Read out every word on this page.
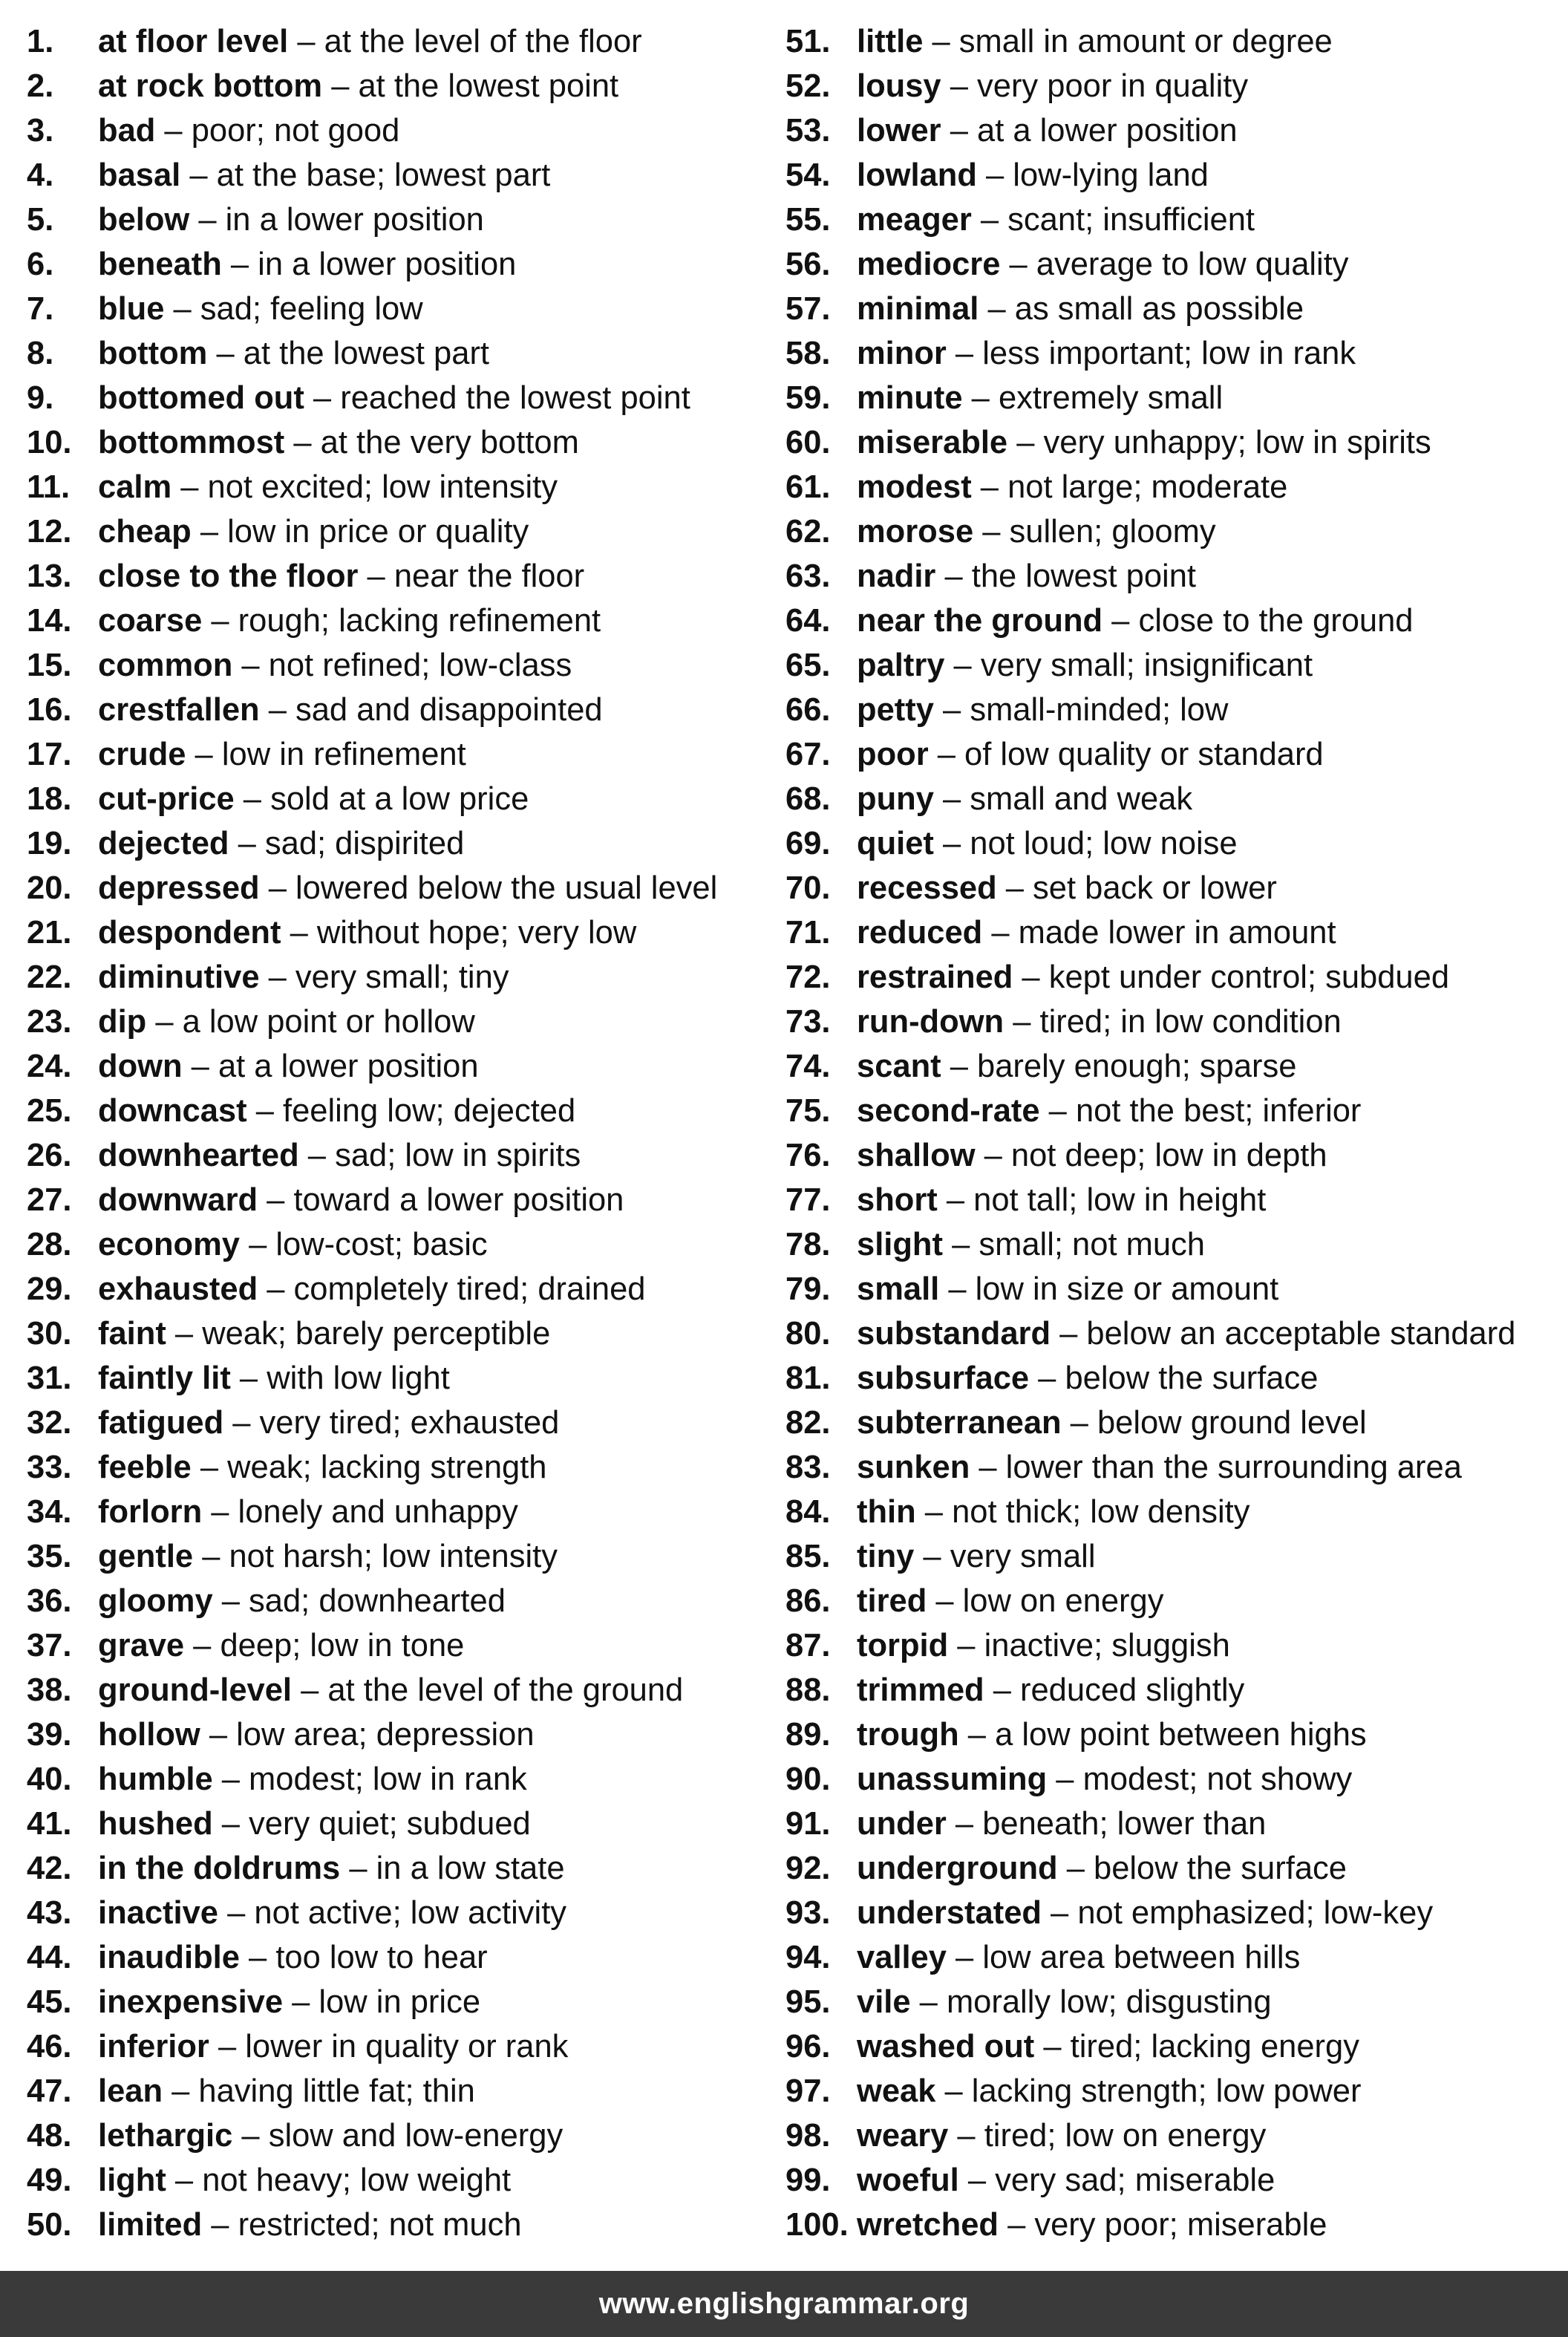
1. at floor level – at the level of the floor
2. at rock bottom – at the lowest point
3. bad – poor; not good
4. basal – at the base; lowest part
5. below – in a lower position
6. beneath – in a lower position
7. blue – sad; feeling low
8. bottom – at the lowest part
9. bottomed out – reached the lowest point
10. bottommost – at the very bottom
11. calm – not excited; low intensity
12. cheap – low in price or quality
13. close to the floor – near the floor
14. coarse – rough; lacking refinement
15. common – not refined; low-class
16. crestfallen – sad and disappointed
17. crude – low in refinement
18. cut-price – sold at a low price
19. dejected – sad; dispirited
20. depressed – lowered below the usual level
21. despondent – without hope; very low
22. diminutive – very small; tiny
23. dip – a low point or hollow
24. down – at a lower position
25. downcast – feeling low; dejected
26. downhearted – sad; low in spirits
27. downward – toward a lower position
28. economy – low-cost; basic
29. exhausted – completely tired; drained
30. faint – weak; barely perceptible
31. faintly lit – with low light
32. fatigued – very tired; exhausted
33. feeble – weak; lacking strength
34. forlorn – lonely and unhappy
35. gentle – not harsh; low intensity
36. gloomy – sad; downhearted
37. grave – deep; low in tone
38. ground-level – at the level of the ground
39. hollow – low area; depression
40. humble – modest; low in rank
41. hushed – very quiet; subdued
42. in the doldrums – in a low state
43. inactive – not active; low activity
44. inaudible – too low to hear
45. inexpensive – low in price
46. inferior – lower in quality or rank
47. lean – having little fat; thin
48. lethargic – slow and low-energy
49. light – not heavy; low weight
50. limited – restricted; not much
51. little – small in amount or degree
52. lousy – very poor in quality
53. lower – at a lower position
54. lowland – low-lying land
55. meager – scant; insufficient
56. mediocre – average to low quality
57. minimal – as small as possible
58. minor – less important; low in rank
59. minute – extremely small
60. miserable – very unhappy; low in spirits
61. modest – not large; moderate
62. morose – sullen; gloomy
63. nadir – the lowest point
64. near the ground – close to the ground
65. paltry – very small; insignificant
66. petty – small-minded; low
67. poor – of low quality or standard
68. puny – small and weak
69. quiet – not loud; low noise
70. recessed – set back or lower
71. reduced – made lower in amount
72. restrained – kept under control; subdued
73. run-down – tired; in low condition
74. scant – barely enough; sparse
75. second-rate – not the best; inferior
76. shallow – not deep; low in depth
77. short – not tall; low in height
78. slight – small; not much
79. small – low in size or amount
80. substandard – below an acceptable standard
81. subsurface – below the surface
82. subterranean – below ground level
83. sunken – lower than the surrounding area
84. thin – not thick; low density
85. tiny – very small
86. tired – low on energy
87. torpid – inactive; sluggish
88. trimmed – reduced slightly
89. trough – a low point between highs
90. unassuming – modest; not showy
91. under – beneath; lower than
92. underground – below the surface
93. understated – not emphasized; low-key
94. valley – low area between hills
95. vile – morally low; disgusting
96. washed out – tired; lacking energy
97. weak – lacking strength; low power
98. weary – tired; low on energy
99. woeful – very sad; miserable
100. wretched – very poor; miserable
www.englishgrammar.org
